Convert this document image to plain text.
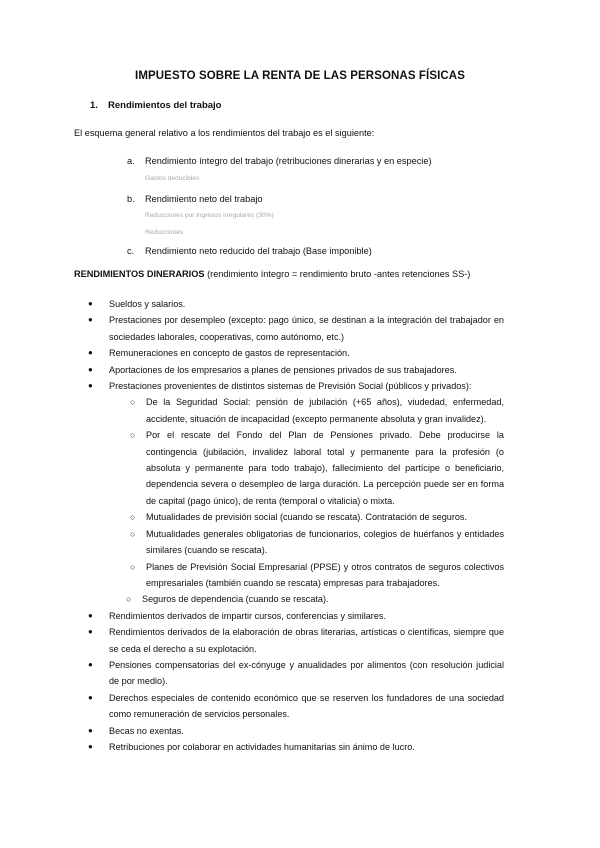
IMPUESTO SOBRE LA RENTA DE LAS PERSONAS FÍSICAS
1. Rendimientos del trabajo
El esquema general relativo a los rendimientos del trabajo es el siguiente:
a. Rendimiento íntegro del trabajo (retribuciones dinerarias y en especie)
Gastos deducibles
b. Rendimiento neto del trabajo
Reducciones por ingresos irregulares (30%)
Reducciones
c. Rendimiento neto reducido del trabajo (Base imponible)
RENDIMIENTOS DINERARIOS (rendimiento íntegro = rendimiento bruto -antes retenciones SS-)
● Sueldos y salarios.
● Prestaciones por desempleo (excepto: pago único, se destinan a la integración del trabajador en sociedades laborales, cooperativas, como autónomo, etc.)
● Remuneraciones en concepto de gastos de representación.
● Aportaciones de los empresarios a planes de pensiones privados de sus trabajadores.
● Prestaciones provenientes de distintos sistemas de Previsión Social (públicos y privados):
○ De la Seguridad Social: pensión de jubilación (+65 años), viudedad, enfermedad, accidente, situación de incapacidad (excepto permanente absoluta y gran invalidez).
○ Por el rescate del Fondo del Plan de Pensiones privado. Debe producirse la contingencia (jubilación, invalidez laboral total y permanente para la profesión (o absoluta y permanente para todo trabajo), fallecimiento del partícipe o beneficiario, dependencia severa o desempleo de larga duración. La percepción puede ser en forma de capital (pago único), de renta (temporal o vitalicia) o mixta.
○ Mutualidades de previsión social (cuando se rescata). Contratación de seguros.
○ Mutualidades generales obligatorias de funcionarios, colegios de huérfanos y entidades similares (cuando se rescata).
○ Planes de Previsión Social Empresarial (PPSE) y otros contratos de seguros colectivos empresariales (también cuando se rescata) empresas para trabajadores.
○ Seguros de dependencia (cuando se rescata).
● Rendimientos derivados de impartir cursos, conferencias y similares.
● Rendimientos derivados de la elaboración de obras literarias, artísticas o científicas, siempre que se ceda el derecho a su explotación.
● Pensiones compensatorias del ex-cónyuge y anualidades por alimentos (con resolución judicial de por medio).
● Derechos especiales de contenido económico que se reserven los fundadores de una sociedad como remuneración de servicios personales.
● Becas no exentas.
● Retribuciones por colaborar en actividades humanitarias sin ánimo de lucro.
